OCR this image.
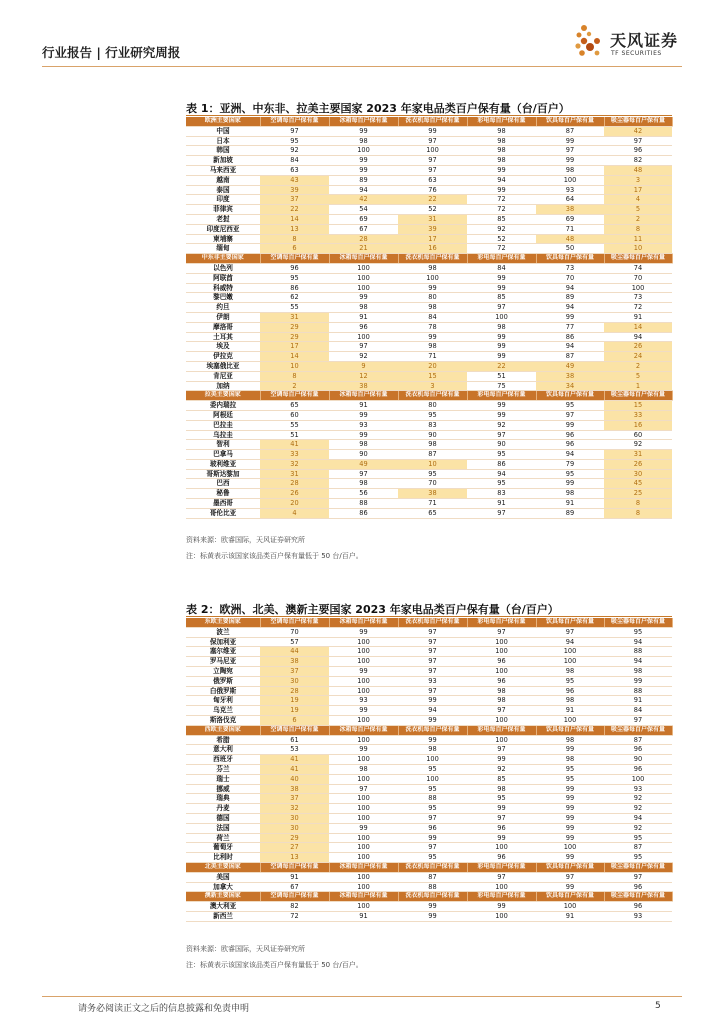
行业报告 | 行业研究周报
天风证券
TF SECURITIES
表 1：亚洲、中东非、拉美主要国家 2023 年家电品类百户保有量（台/百户）
欧洲主要国家	空调每百户保有量	冰箱每百户保有量	洗衣机每百户保有量	彩电每百户保有量	饮具每百户保有量	吸尘器每百户保有量
中国	97	99	99	98	87	42
日本	95	98	97	98	99	97
韩国	92	100	100	98	97	96
新加坡	84	99	97	98	99	82
马来西亚	63	99	97	99	98	48
越南	43	89	63	94	100	3
泰国	39	94	76	99	93	17
印度	37	42	22	72	64	4
菲律宾	22	54	52	72	38	5
老挝	14	69	31	85	69	2
印度尼西亚	13	67	39	92	71	8
柬埔寨	8	28	17	52	48	11
缅甸	6	21	16	72	50	10
中东非主要国家	空调每百户保有量	冰箱每百户保有量	洗衣机每百户保有量	彩电每百户保有量	饮具每百户保有量	吸尘器每百户保有量
以色列	96	100	98	84	73	74
阿联酋	95	100	100	99	70	70
科威特	86	100	99	99	94	100
黎巴嫩	62	99	80	85	89	73
约旦	55	98	98	97	94	72
伊朗	31	91	84	100	99	91
摩洛哥	29	96	78	98	77	14
土耳其	29	100	99	99	86	94
埃及	17	97	98	99	94	26
伊拉克	14	92	71	99	87	24
埃塞俄比亚	10	9	20	22	49	2
肯尼亚	8	12	15	51	38	5
加纳	2	38	3	75	34	1
拉美主要国家	空调每百户保有量	冰箱每百户保有量	洗衣机每百户保有量	彩电每百户保有量	饮具每百户保有量	吸尘器每百户保有量
委内瑞拉	65	91	80	99	95	15
阿根廷	60	99	95	99	97	33
巴拉圭	55	93	83	92	99	16
乌拉圭	51	99	90	97	96	60
智利	41	98	98	90	96	92
巴拿马	33	90	87	95	94	31
玻利维亚	32	49	10	86	79	26
哥斯达黎加	31	97	95	94	95	30
巴西	28	98	70	95	99	45
秘鲁	26	56	38	83	98	25
墨西哥	20	88	71	91	91	8
哥伦比亚	4	86	65	97	89	8
资料来源：欧睿国际，天风证券研究所
注：标黄表示该国家该品类百户保有量低于 50 台/百户。
表 2：欧洲、北美、澳新主要国家 2023 年家电品类百户保有量（台/百户）
东欧主要国家	空调每百户保有量	冰箱每百户保有量	洗衣机每百户保有量	彩电每百户保有量	饮具每百户保有量	吸尘器每百户保有量
波兰	70	99	97	97	97	95
保加利亚	57	100	97	100	94	94
塞尔维亚	44	100	97	100	100	88
罗马尼亚	38	100	97	96	100	94
立陶宛	37	99	97	100	98	98
俄罗斯	30	100	93	96	95	99
白俄罗斯	28	100	97	98	96	88
匈牙利	19	93	99	98	98	91
乌克兰	19	99	94	97	91	84
斯洛伐克	6	100	99	100	100	97
西欧主要国家	空调每百户保有量	冰箱每百户保有量	洗衣机每百户保有量	彩电每百户保有量	饮具每百户保有量	吸尘器每百户保有量
希腊	61	100	99	100	98	87
意大利	53	99	98	97	99	96
西班牙	41	100	100	99	98	90
芬兰	41	98	95	92	95	96
瑞士	40	100	100	85	95	100
挪威	38	97	95	98	99	93
瑞典	37	100	88	95	99	92
丹麦	32	100	95	99	99	92
德国	30	100	97	97	99	94
法国	30	99	96	96	99	92
荷兰	29	100	99	99	99	95
葡萄牙	27	100	97	100	100	87
比利时	13	100	95	96	99	95
北美主要国家	空调每百户保有量	冰箱每百户保有量	洗衣机每百户保有量	彩电每百户保有量	饮具每百户保有量	吸尘器每百户保有量
美国	91	100	87	97	97	97
加拿大	67	100	88	100	99	96
澳新主要国家	空调每百户保有量	冰箱每百户保有量	洗衣机每百户保有量	彩电每百户保有量	饮具每百户保有量	吸尘器每百户保有量
澳大利亚	82	100	99	99	100	96
新西兰	72	91	99	100	91	93
资料来源：欧睿国际，天风证券研究所
注：标黄表示该国家该品类百户保有量低于 50 台/百户。
请务必阅读正文之后的信息披露和免责申明	5
